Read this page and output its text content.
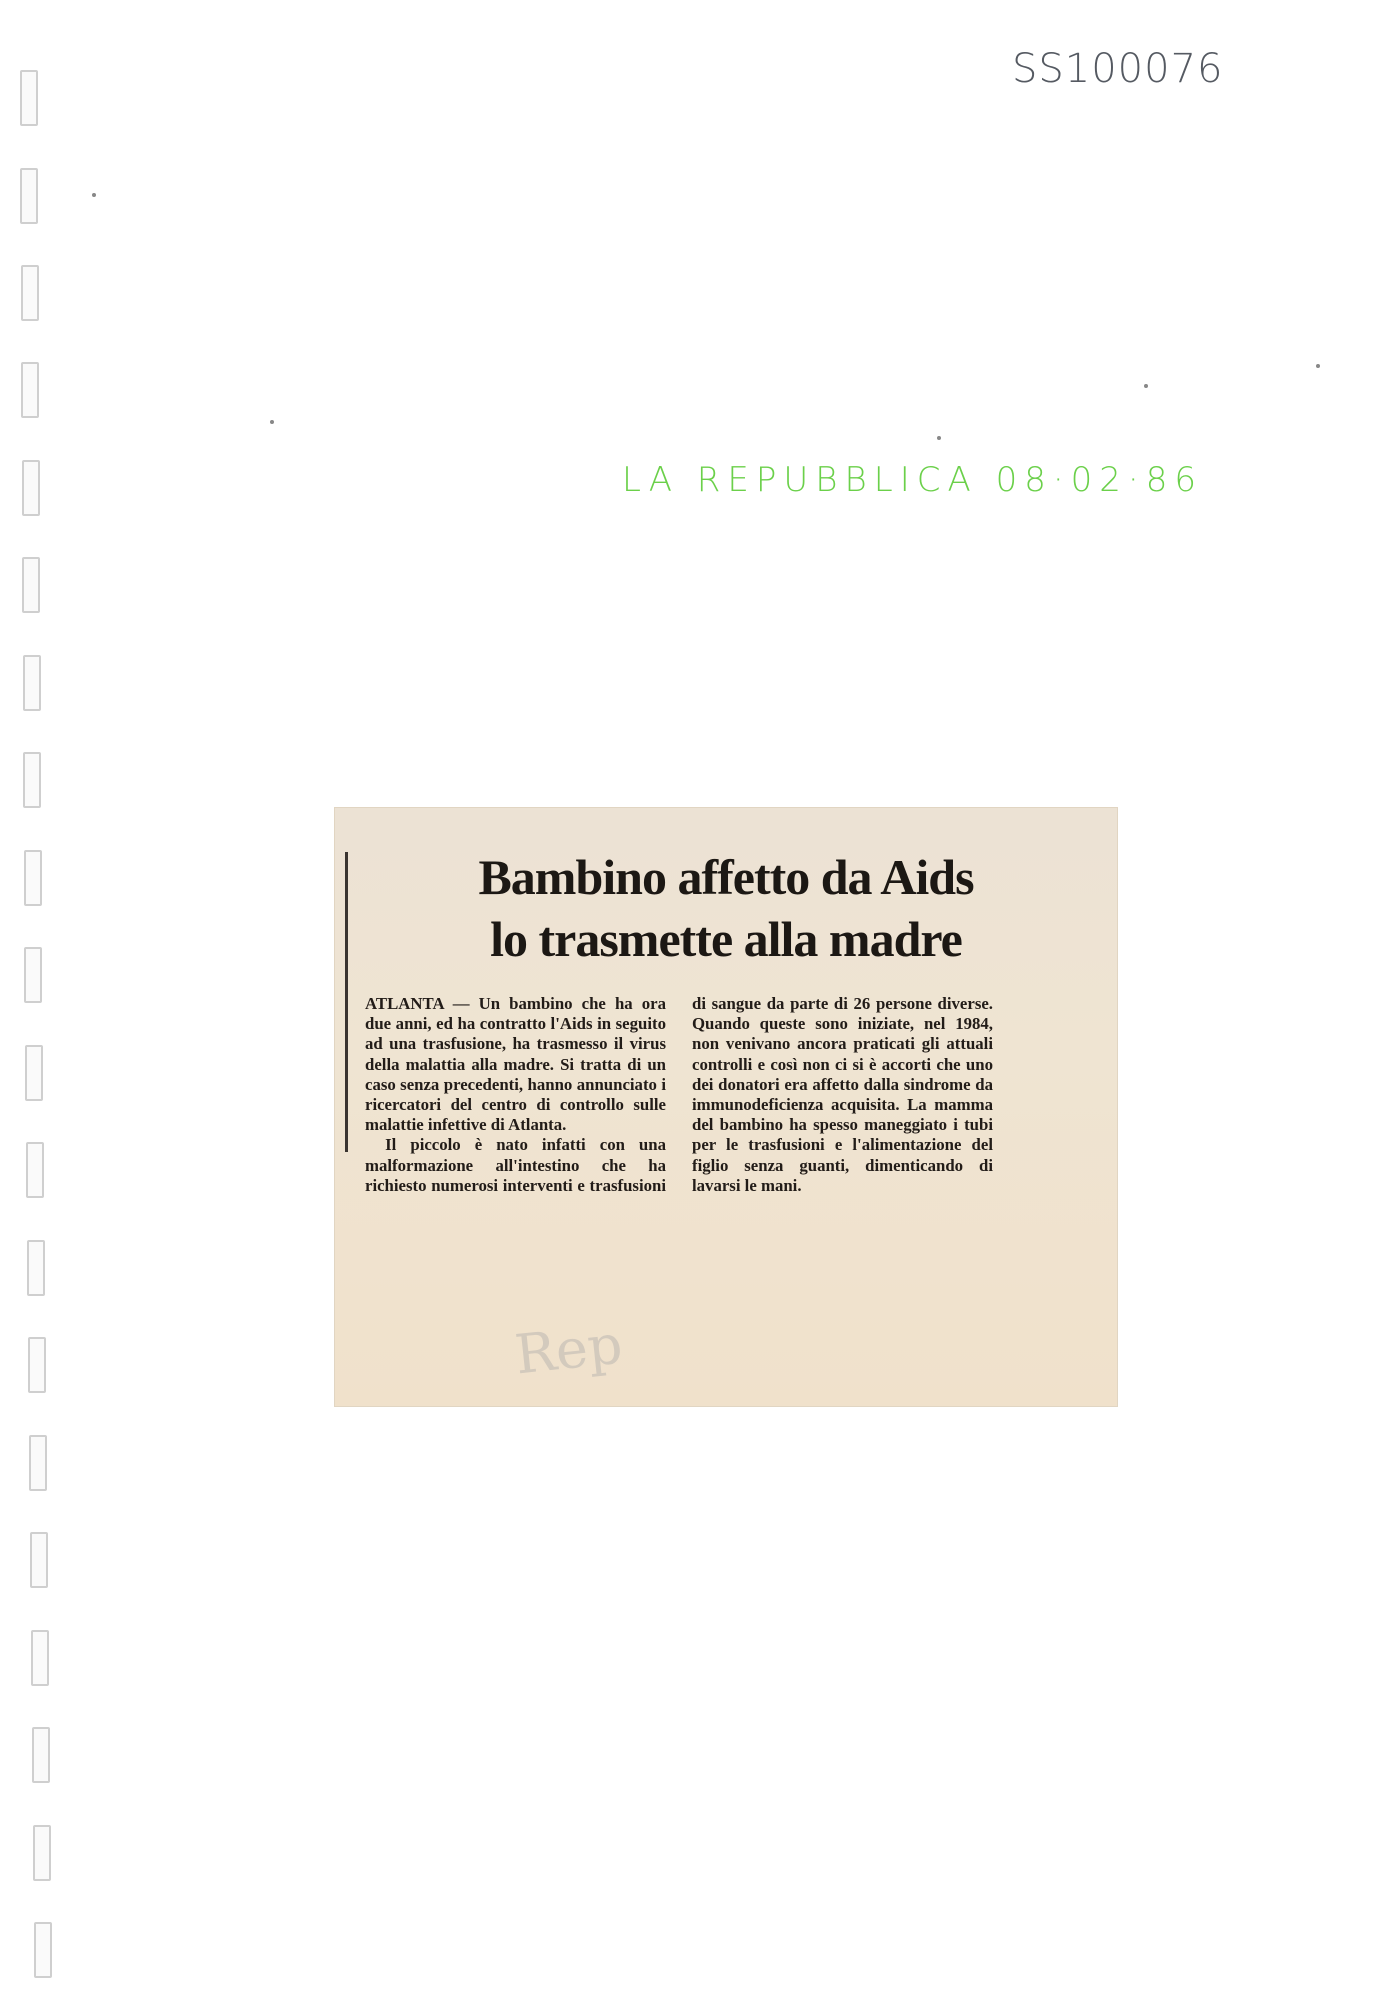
SS100076
LA REPUBBLICA 08·02·86
Bambino affetto da Aids
lo trasmette alla madre

ATLANTA — Un bambino che ha ora due anni, ed ha contratto l'Aids in seguito ad una trasfusione, ha trasmesso il virus della malattia alla madre. Si tratta di un caso senza precedenti, hanno annunciato i ricercatori del centro di controllo sulle malattie infettive di Atlanta.

Il piccolo è nato infatti con una malformazione all'intestino che ha richiesto numerosi interventi e trasfusioni di sangue da parte di 26 persone diverse. Quando queste sono iniziate, nel 1984, non venivano ancora praticati gli attuali controlli e così non ci si è accorti che uno dei donatori era affetto dalla sindrome da immunodeficienza acquisita. La mamma del bambino ha spesso maneggiato i tubi per le trasfusioni e l'alimentazione del figlio senza guanti, dimenticando di lavarsi le mani.

Rep
